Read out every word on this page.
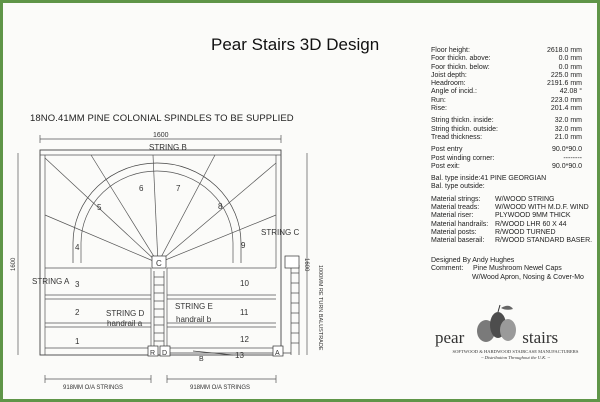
Pear Stairs 3D Design
18NO.41MM PINE COLONIAL SPINDLES TO BE SUPPLIED
1600
STRING B
1600	1600
STRING A
STRING C
STRING D
STRING E
handrail a	handrail b	1000MM RE TURN BALUSTRADE
C
R D
B
A
918MM O/A STRINGS	918MM O/A STRINGS
1
2
3
4
5
6	7
8
9
10
11
12
13
Floor height:	2618.0 mm
Foor thickn. above:	0.0 mm
Foor thickn. below:	0.0 mm
Joist depth:	225.0 mm
Headroom:	2191.6 mm
Angle of incid.:	42.08 °
Run:	223.0 mm
Rise:	201.4 mm
String thickn. inside:	32.0 mm
String thickn. outside:	32.0 mm
Tread thickness:	21.0 mm
Post entry	90.0*90.0
Post winding corner:	--------
Post exit:	90.0*90.0
Bal. type inside: 41 PINE GEORGIAN
Bal. type outside:
Material strings:	W/WOOD STRING
Material treads:	W/WOOD WITH M.D.F. WIND
Material riser:	PLYWOOD 9MM THICK
Material handrails: R/WOOD LHR 60 X 44
Material posts:	R/WOOD TURNED
Material baserail:	R/WOOD STANDARD BASER.
Designed By Andy Hughes
Comment: Pine Mushroom Newel Caps
W/Wood Apron, Nosing & Cover-Mo
pear	stairs
SOFTWOOD & HARDWOOD STAIRCASE MANUFACTURERS
~ Distribution Throughout the U.K. ~
